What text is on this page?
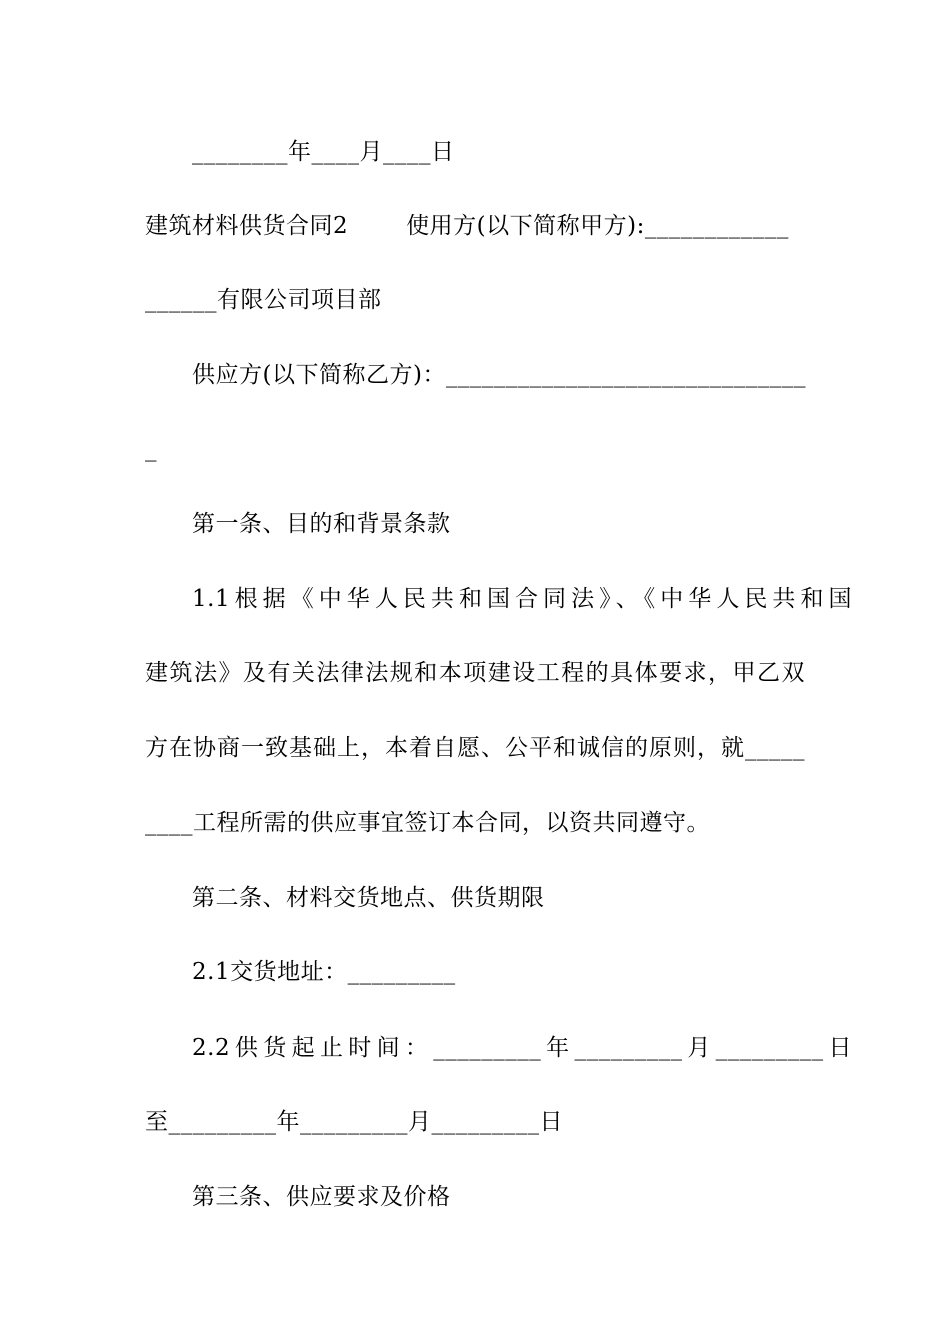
________年____月____日
建筑材料供货合同2	使用方(以下简称甲方):____________
______有限公司项目部
供应方(以下简称乙方)：______________________________
_
第一条、目的和背景条款
1.1根据《中华人民共和国合同法》、《中华人民共和国
建筑法》及有关法律法规和本项建设工程的具体要求，甲乙双
方在协商一致基础上，本着自愿、公平和诚信的原则，就_____
____工程所需的供应事宜签订本合同，以资共同遵守。
第二条、材料交货地点、供货期限
2.1交货地址：_________
2.2供货起止时间：_________年_________月_________日
至_________年_________月_________日
第三条、供应要求及价格
